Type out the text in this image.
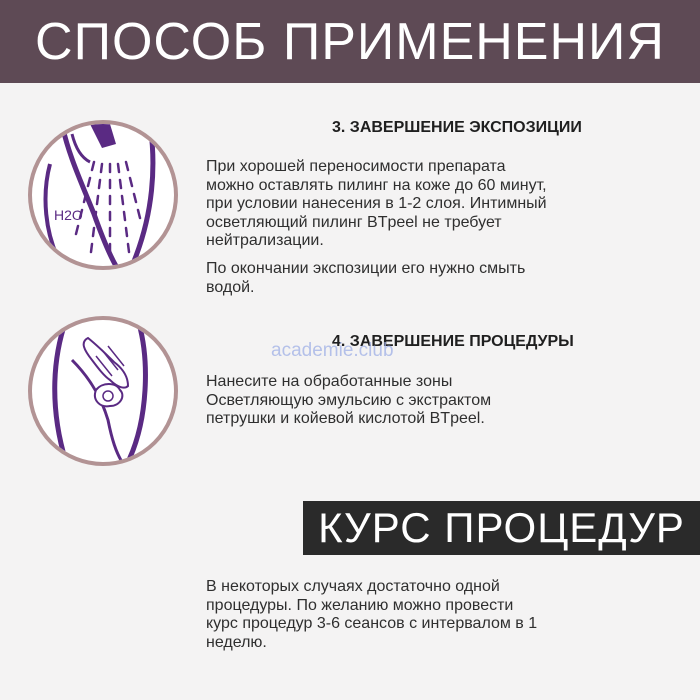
СПОСОБ ПРИМЕНЕНИЯ
H2O
3. ЗАВЕРШЕНИЕ ЭКСПОЗИЦИИ
При хорошей переносимости препарата
можно оставлять пилинг на коже до 60 минут,
при условии нанесения в 1-2 слоя. Интимный
осветляющий пилинг BTpeel не требует
нейтрализации.
По окончании экспозиции его нужно смыть
водой.
4. ЗАВЕРШЕНИЕ ПРОЦЕДУРЫ
academie.club
Нанесите на обработанные зоны
Осветляющую эмульсию с экстрактом
петрушки и койевой кислотой BTpeel.
КУРС ПРОЦЕДУР
В некоторых случаях достаточно одной
процедуры. По желанию можно провести
курс процедур 3-6 сеансов с интервалом в 1
неделю.
